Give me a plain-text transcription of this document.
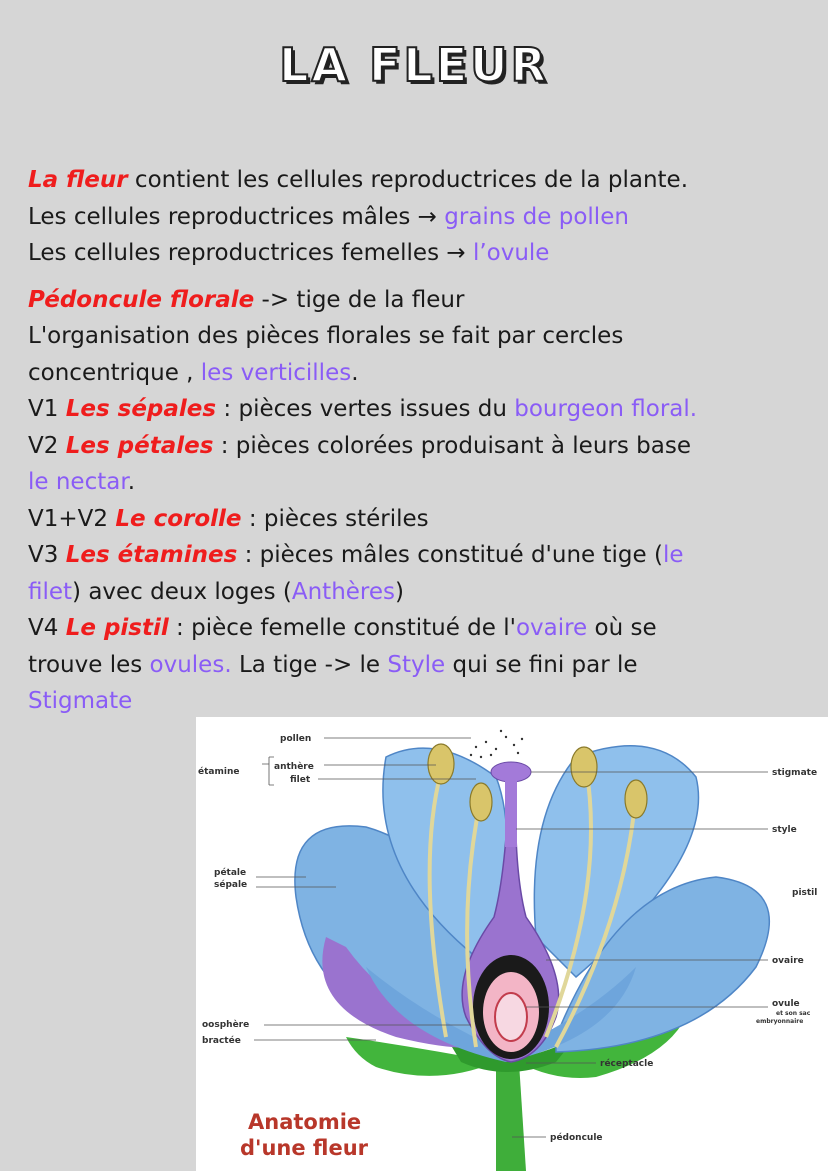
LA FLEUR
La fleur contient les cellules reproductrices de la plante.
Les cellules reproductrices mâles → grains de pollen
Les cellules reproductrices femelles → l’ovule
Pédoncule florale -> tige de la fleur
L'organisation des pièces florales se fait par cercles
concentrique , les verticilles.
V1 Les sépales : pièces vertes issues du bourgeon floral.
V2 Les pétales : pièces colorées produisant à leurs base
le nectar.
V1+V2 Le corolle : pièces stériles
V3 Les étamines : pièces mâles constitué d'une tige (le
filet) avec deux loges (Anthères)
V4 Le pistil : pièce femelle constitué de l'ovaire où se
trouve les ovules. La tige -> le Style qui se fini par le
Stigmate
pollen
étamine	anthère
filet
pétale
sépale
oosphère
bractée
stigmate
style
pistil
ovaire
ovule
et son sac
embryonnaire
réceptacle
pédoncule
Anatomie
d'une fleur
